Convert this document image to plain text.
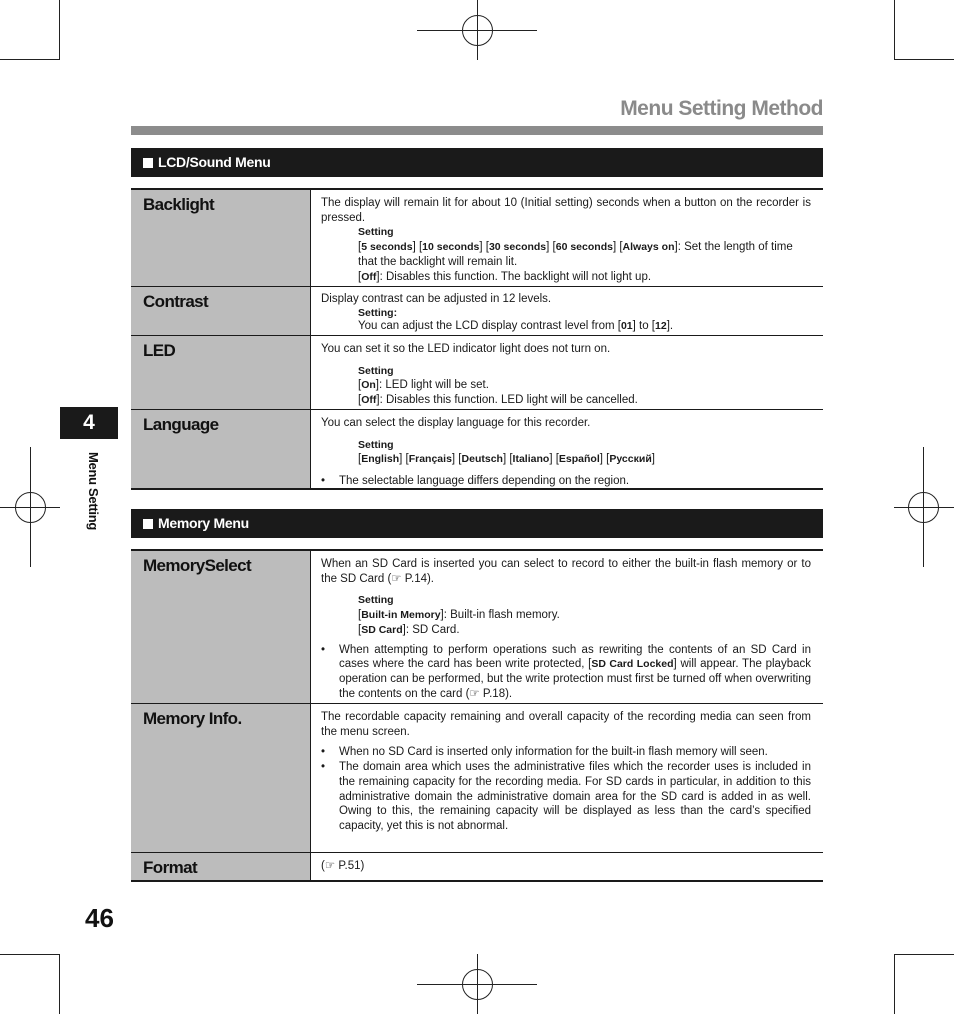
Menu Setting Method
LCD/Sound Menu
Backlight	The display will remain lit for about 10 (Initial setting) seconds when a button on the recorder is pressed.

Setting

[5 seconds] [10 seconds] [30 seconds] [60 seconds] [Always on]: Set the length of time that the backlight will remain lit.

[Off]: Disables this function. The backlight will not light up.

Contrast	Display contrast can be adjusted in 12 levels.

Setting:

You can adjust the LCD display contrast level from [01] to [12].

LED	You can set it so the LED indicator light does not turn on.

Setting

[On]: LED light will be set.

[Off]: Disables this function. LED light will be cancelled.

Language	You can select the display language for this recorder.

Setting

[English] [Français] [Deutsch] [Italiano] [Español] [Русский]

• The selectable language differs depending on the region.

Memory Menu
MemorySelect	When an SD Card is inserted you can select to record to either the built-in flash memory or to the SD Card (☞ P.14).

Setting

[Built-in Memory]: Built-in flash memory.

[SD Card]: SD Card.

• When attempting to perform operations such as rewriting the contents of an SD Card in cases where the card has been write protected, [SD Card Locked] will appear. The playback operation can be performed, but the write protection must first be turned off when overwriting the contents on the card (☞ P.18).

Memory Info.	The recordable capacity remaining and overall capacity of the recording media can seen from the menu screen.

• When no SD Card is inserted only information for the built-in flash memory will seen.

• The domain area which uses the administrative files which the recorder uses is included in the remaining capacity for the recording media. For SD cards in particular, in addition to this administrative domain the administrative domain area for the SD card is added in as well. Owing to this, the remaining capacity will be displayed as less than the card’s specified capacity, yet this is not abnormal.

Format	(☞ P.51)

4
Menu Setting
46
